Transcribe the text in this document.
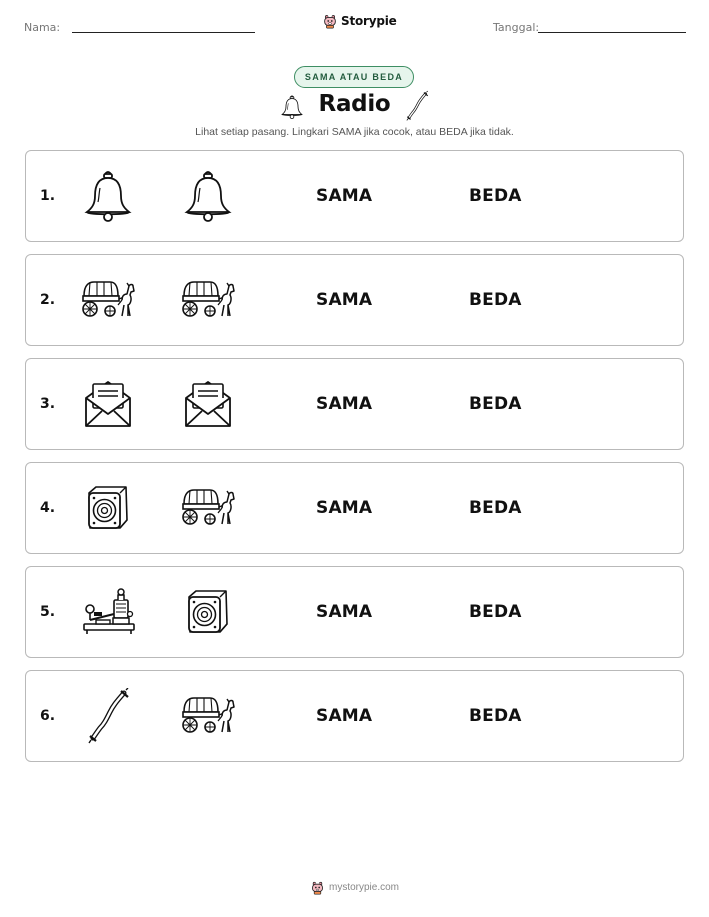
Nama:	Storypie	Tanggal:
SAMA ATAU BEDA
Radio
Lihat setiap pasang. Lingkari SAMA jika cocok, atau BEDA jika tidak.
1.	SAMA	BEDA
2.	SAMA	BEDA
3.	SAMA	BEDA
4.	SAMA	BEDA
5.	SAMA	BEDA
6.	SAMA	BEDA
mystorypie.com
